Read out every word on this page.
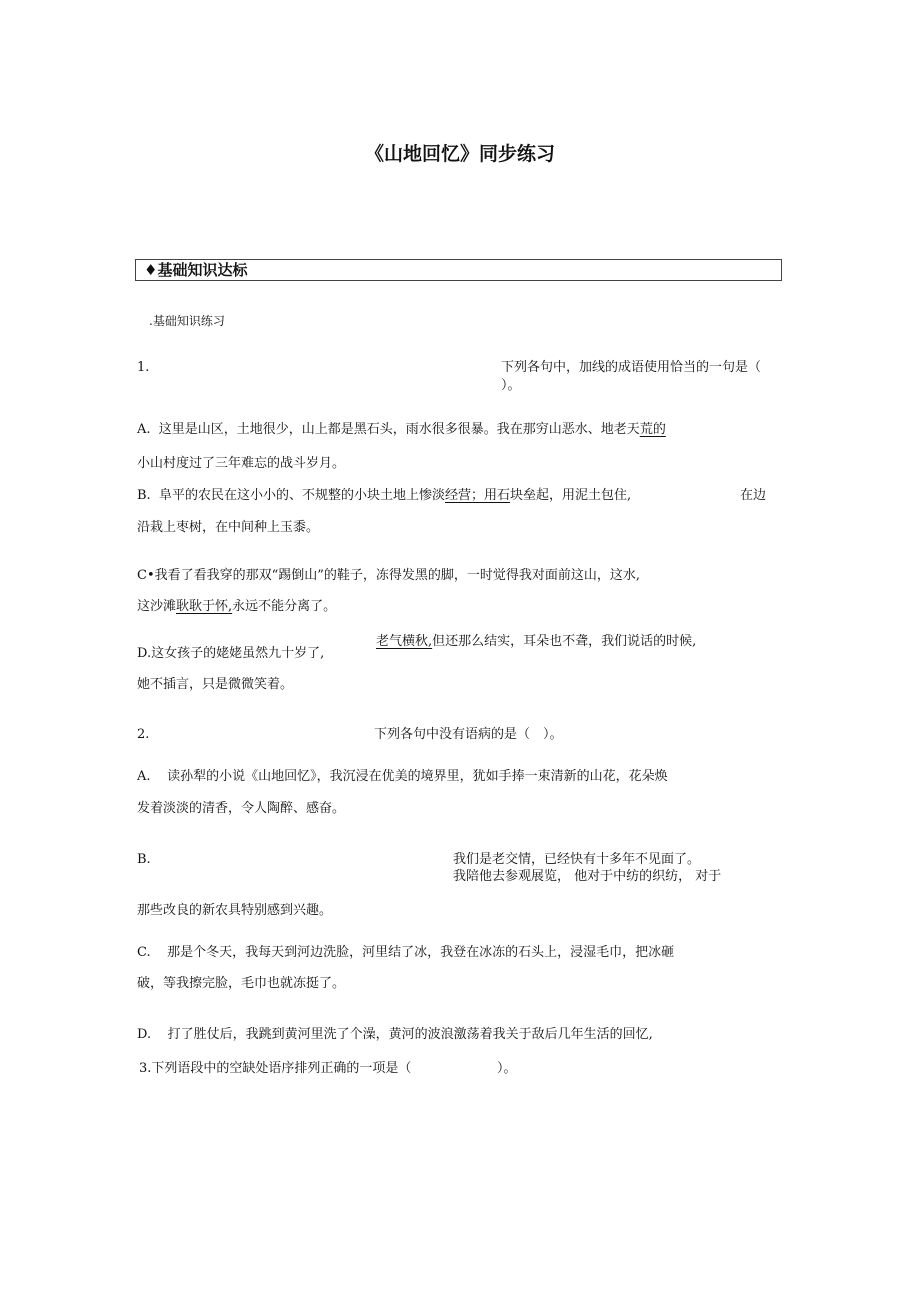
《山地回忆》同步练习
♦基础知识达标
.基础知识练习
1.	下列各句中，加线的成语使用恰当的一句是（
）。
A. 这里是山区，土地很少，山上都是黑石头，雨水很多很暴。我在那穷山恶水、地老天荒的
小山村度过了三年难忘的战斗岁月。
B. 阜平的农民在这小小的、不规整的小块土地上惨淡经营；用石块垒起，用泥土包住,	在边
沿栽上枣树，在中间种上玉黍。
C•我看了看我穿的那双“踢倒山”的鞋子，冻得发黑的脚，一时觉得我对面前这山，这水,
这沙滩耿耿于怀,永远不能分离了。
老气横秋,但还那么结实，耳朵也不聋，我们说话的时候,
D.这女孩子的姥姥虽然九十岁了,
她不插言，只是微微笑着。
2.	下列各句中没有语病的是（　）。
A. 读孙犁的小说《山地回忆》，我沉浸在优美的境界里，犹如手捧一束清新的山花，花朵焕
发着淡淡的清香，令人陶醉、感奋。
B.	我们是老交情，已经快有十多年不见面了。
我陪他去参观展览， 他对于中纺的织纺， 对于
那些改良的新农具特别感到兴趣。
C. 那是个冬天，我每天到河边洗脸，河里结了冰，我登在冰冻的石头上，浸湿毛巾，把冰砸
破，等我擦完脸，毛巾也就冻挺了。
D. 打了胜仗后，我跳到黄河里洗了个澡，黄河的波浪激荡着我关于敌后几年生活的回忆,
3.下列语段中的空缺处语序排列正确的一项是（	）。
